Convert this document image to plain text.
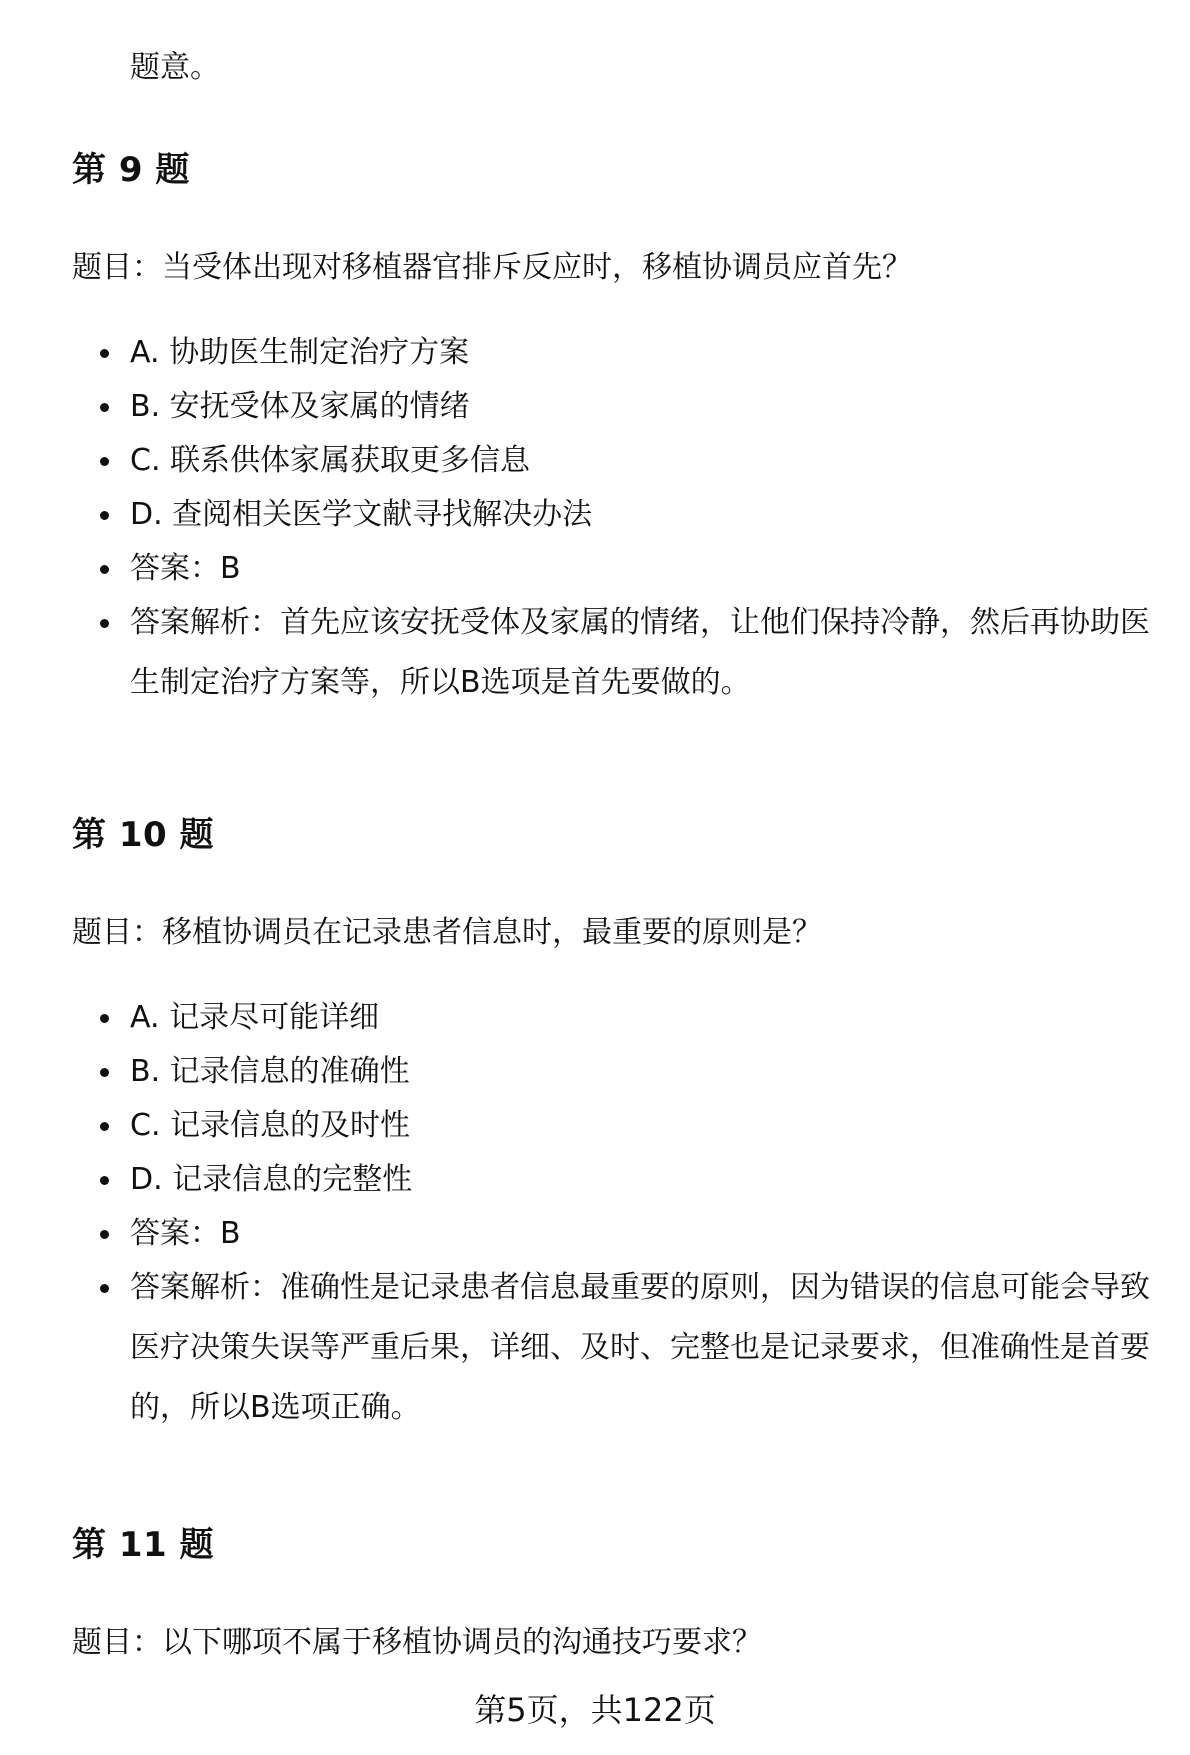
题意。
第 9 题
题目：当受体出现对移植器官排斥反应时，移植协调员应首先？
A. 协助医生制定治疗方案
B. 安抚受体及家属的情绪
C. 联系供体家属获取更多信息
D. 查阅相关医学文献寻找解决办法
答案：B
答案解析：首先应该安抚受体及家属的情绪，让他们保持冷静，然后再协助医生制定治疗方案等，所以B选项是首先要做的。
第 10 题
题目：移植协调员在记录患者信息时，最重要的原则是？
A. 记录尽可能详细
B. 记录信息的准确性
C. 记录信息的及时性
D. 记录信息的完整性
答案：B
答案解析：准确性是记录患者信息最重要的原则，因为错误的信息可能会导致医疗决策失误等严重后果，详细、及时、完整也是记录要求，但准确性是首要的，所以B选项正确。
第 11 题
题目：以下哪项不属于移植协调员的沟通技巧要求？
第5页，共122页
